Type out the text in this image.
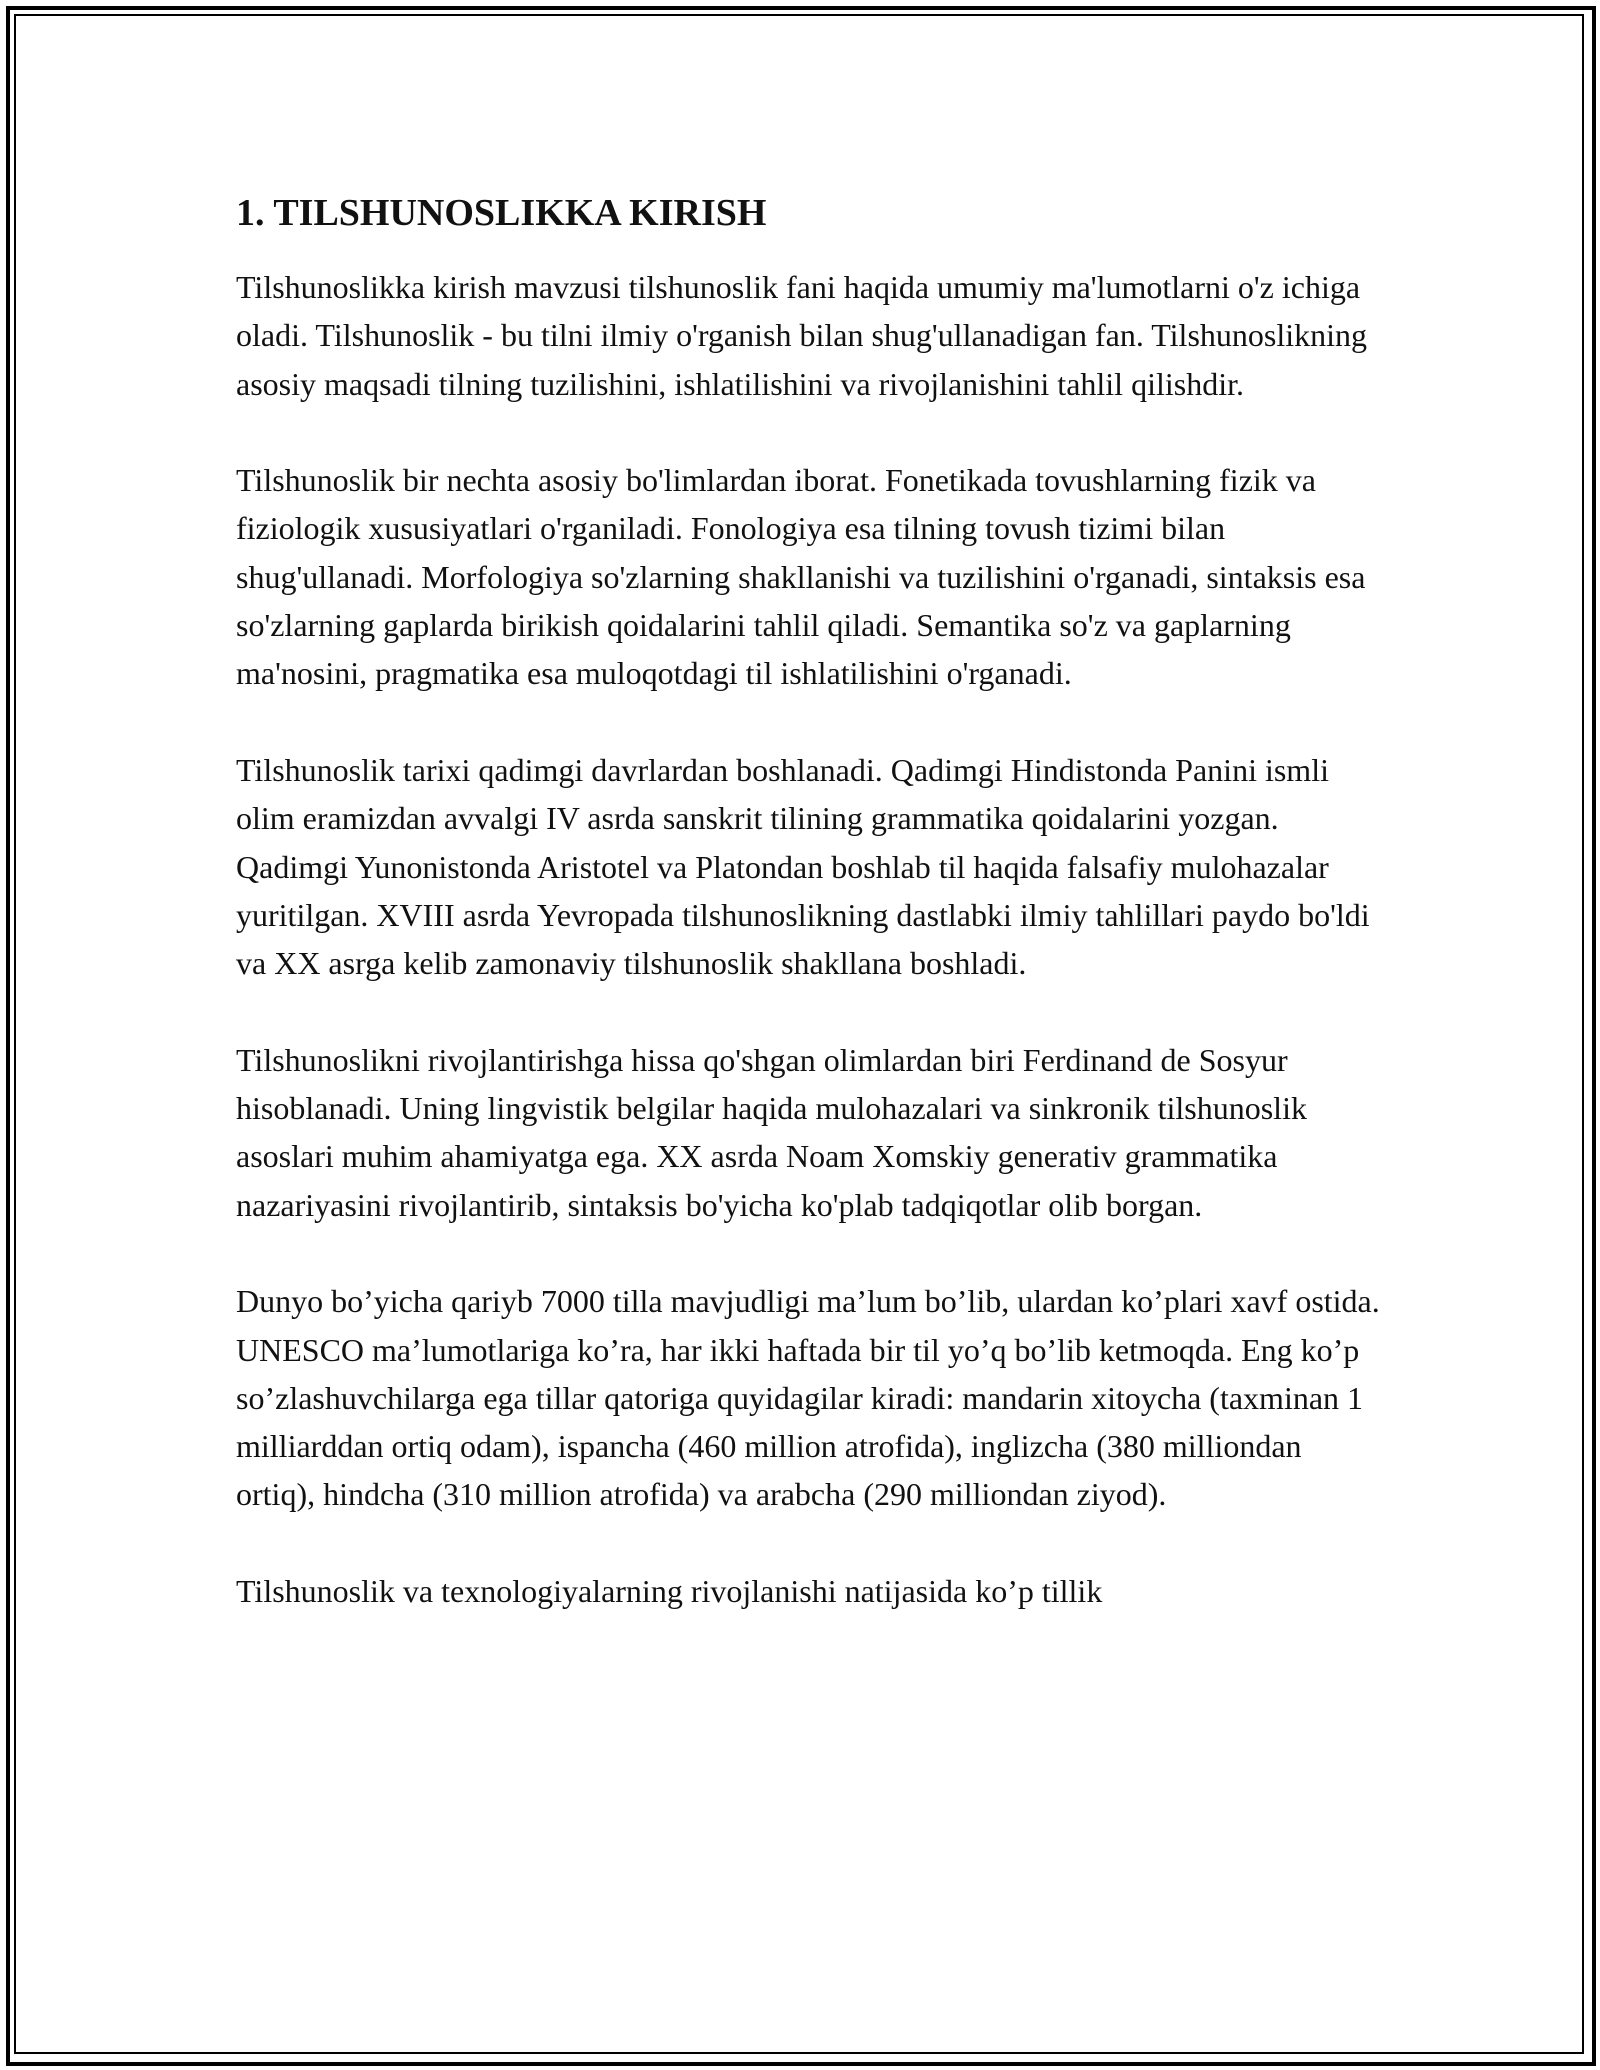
1. TILSHUNOSLIKKA KIRISH

Tilshunoslikka kirish mavzusi tilshunoslik fani haqida umumiy ma'lumotlarni o'z ichiga oladi. Tilshunoslik - bu tilni ilmiy o'rganish bilan shug'ullanadigan fan. Tilshunoslikning asosiy maqsadi tilning tuzilishini, ishlatilishini va rivojlanishini tahlil qilishdir.

Tilshunoslik bir nechta asosiy bo'limlardan iborat. Fonetikada tovushlarning fizik va fiziologik xususiyatlari o'rganiladi. Fonologiya esa tilning tovush tizimi bilan shug'ullanadi. Morfologiya so'zlarning shakllanishi va tuzilishini o'rganadi, sintaksis esa so'zlarning gaplarda birikish qoidalarini tahlil qiladi. Semantika so'z va gaplarning ma'nosini, pragmatika esa muloqotdagi til ishlatilishini o'rganadi.

Tilshunoslik tarixi qadimgi davrlardan boshlanadi. Qadimgi Hindistonda Panini ismli olim eramizdan avvalgi IV asrda sanskrit tilining grammatika qoidalarini yozgan. Qadimgi Yunonistonda Aristotel va Platondan boshlab til haqida falsafiy mulohazalar yuritilgan. XVIII asrda Yevropada tilshunoslikning dastlabki ilmiy tahlillari paydo bo'ldi va XX asrga kelib zamonaviy tilshunoslik shakllana boshladi.

Tilshunoslikni rivojlantirishga hissa qo'shgan olimlardan biri Ferdinand de Sosyur hisoblanadi. Uning lingvistik belgilar haqida mulohazalari va sinkronik tilshunoslik asoslari muhim ahamiyatga ega. XX asrda Noam Xomskiy generativ grammatika nazariyasini rivojlantirib, sintaksis bo'yicha ko'plab tadqiqotlar olib borgan.

Dunyo bo’yicha qariyb 7000 tilla mavjudligi ma’lum bo’lib, ulardan ko’plari xavf ostida. UNESCO ma’lumotlariga ko’ra, har ikki haftada bir til yo’q bo’lib ketmoqda. Eng ko’p so’zlashuvchilarga ega tillar qatoriga quyidagilar kiradi: mandarin xitoycha (taxminan 1 milliarddan ortiq odam), ispancha (460 million atrofida), inglizcha (380 milliondan ortiq), hindcha (310 million atrofida) va arabcha (290 milliondan ziyod).

Tilshunoslik va texnologiyalarning rivojlanishi natijasida ko’p tillik
